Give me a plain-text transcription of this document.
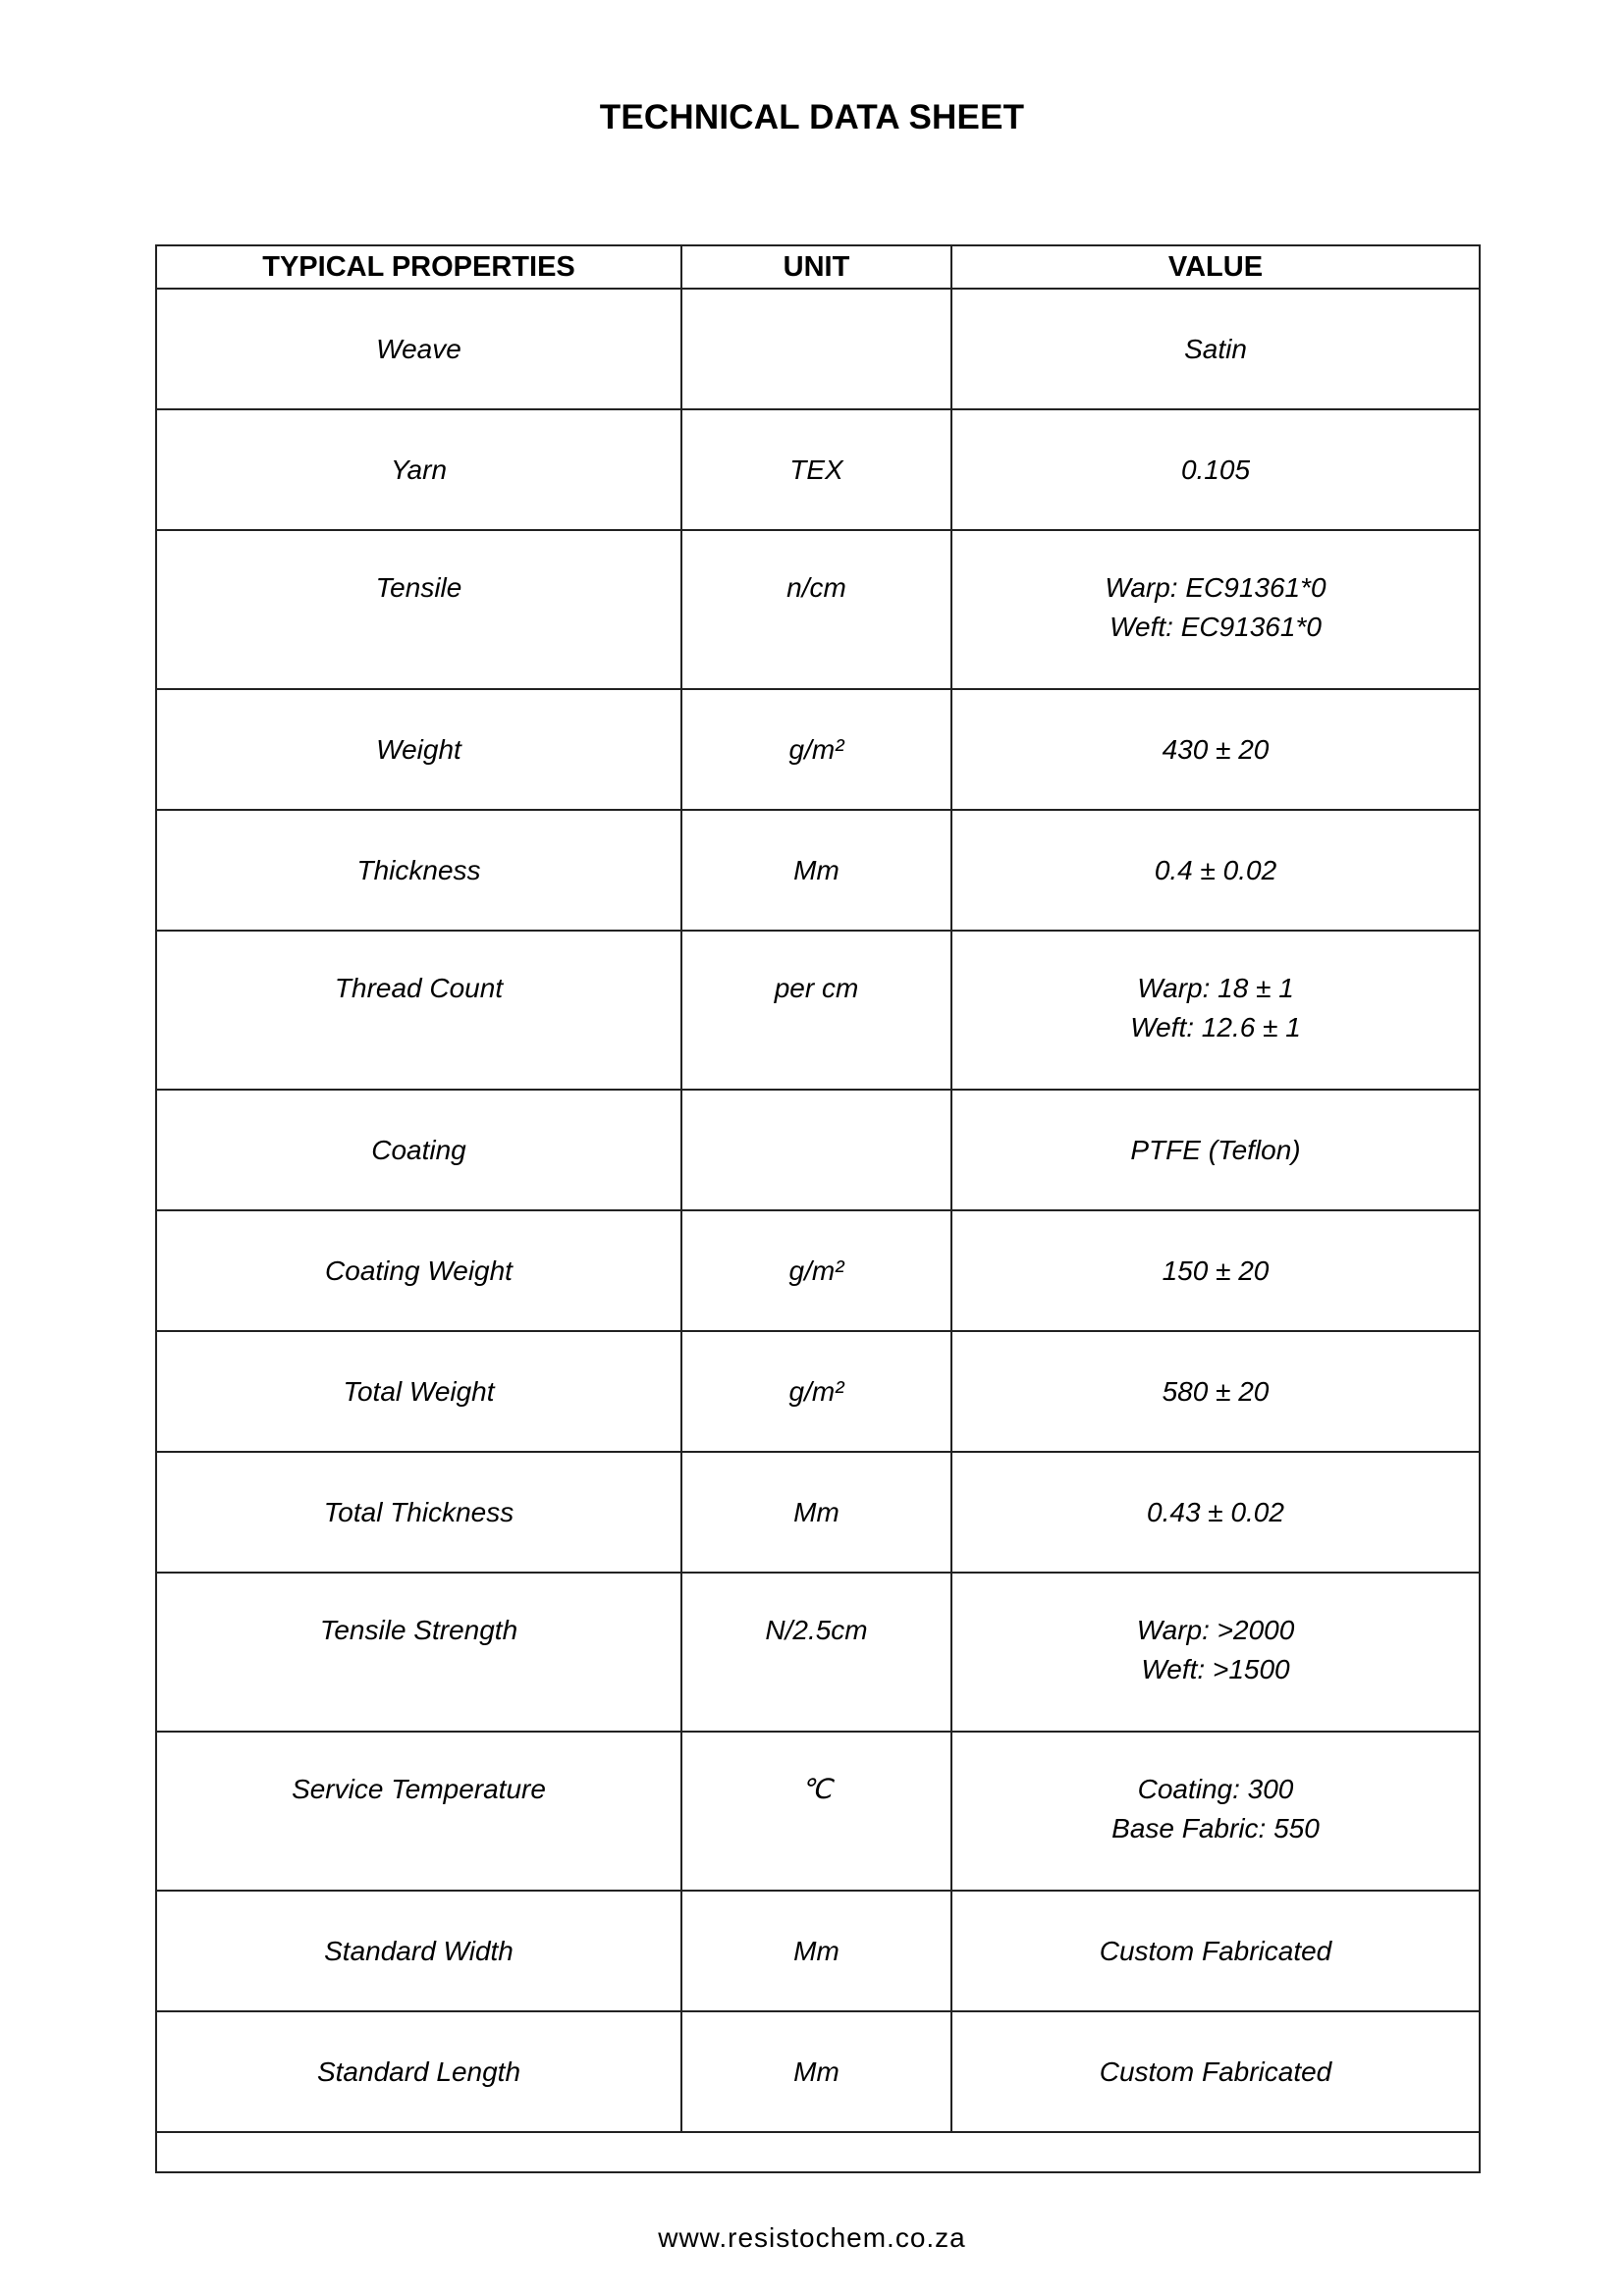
TECHNICAL DATA SHEET
TYPICAL PROPERTIES	UNIT	VALUE
Weave		Satin

Yarn	TEX	0.105

Tensile	n/cm	Warp: EC91361*0
Weft: EC91361*0

Weight	g/m²	430 ± 20

Thickness	Mm	0.4 ± 0.02

Thread Count	per cm	Warp: 18 ± 1
Weft: 12.6 ± 1

Coating		PTFE (Teflon)

Coating Weight	g/m²	150 ± 20

Total Weight	g/m²	580 ± 20

Total Thickness	Mm	0.43 ± 0.02

Tensile Strength	N/2.5cm	Warp: >2000
Weft: >1500

Service Temperature	℃	Coating: 300
Base Fabric: 550

Standard Width	Mm	Custom Fabricated

Standard Length	Mm	Custom Fabricated

www.resistochem.co.za
